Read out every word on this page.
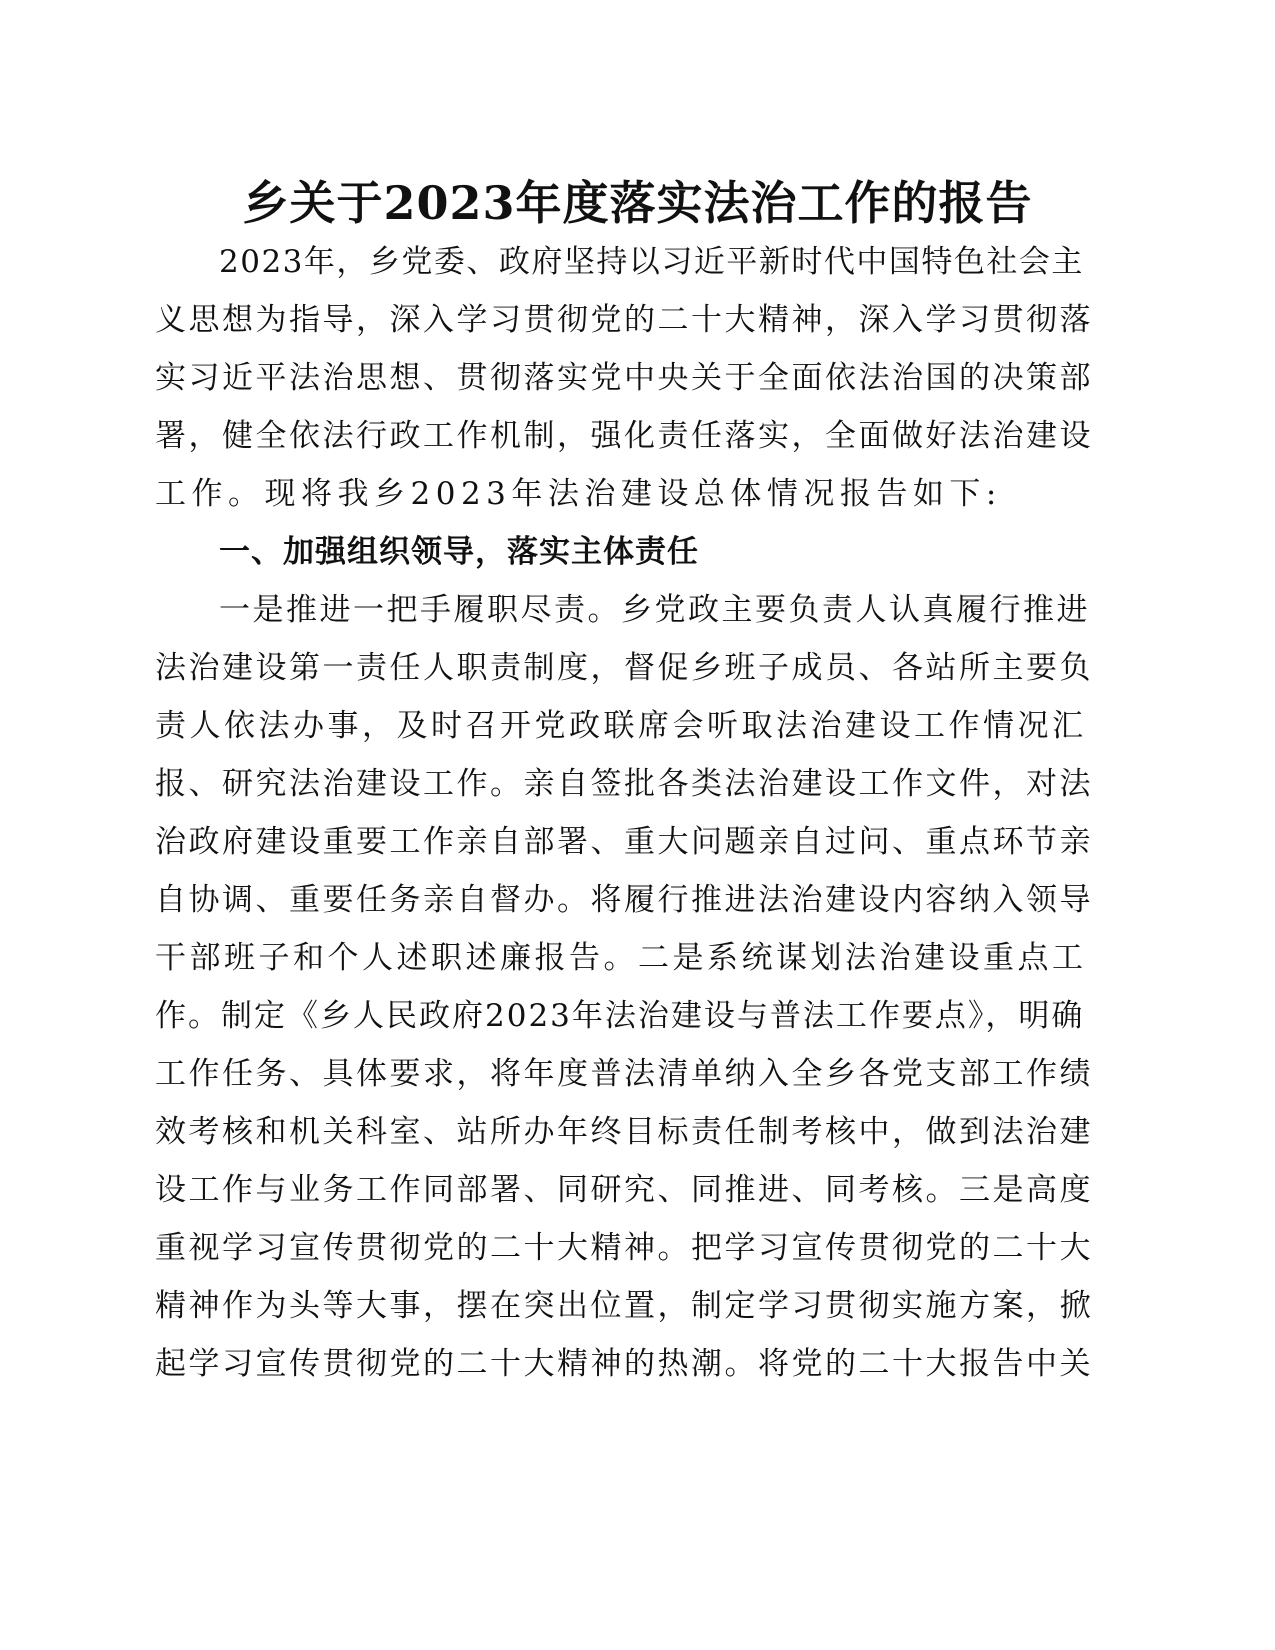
乡关于2023年度落实法治工作的报告
2023年，乡党委、政府坚持以习近平新时代中国特色社会主
义思想为指导，深入学习贯彻党的二十大精神，深入学习贯彻落
实习近平法治思想、贯彻落实党中央关于全面依法治国的决策部
署，健全依法行政工作机制，强化责任落实，全面做好法治建设
工作。现将我乡2023年法治建设总体情况报告如下:
一、加强组织领导，落实主体责任
一是推进一把手履职尽责。乡党政主要负责人认真履行推进
法治建设第一责任人职责制度，督促乡班子成员、各站所主要负
责人依法办事，及时召开党政联席会听取法治建设工作情况汇
报、研究法治建设工作。亲自签批各类法治建设工作文件，对法
治政府建设重要工作亲自部署、重大问题亲自过问、重点环节亲
自协调、重要任务亲自督办。将履行推进法治建设内容纳入领导
干部班子和个人述职述廉报告。二是系统谋划法治建设重点工
作。制定《乡人民政府2023年法治建设与普法工作要点》，明确
工作任务、具体要求，将年度普法清单纳入全乡各党支部工作绩
效考核和机关科室、站所办年终目标责任制考核中，做到法治建
设工作与业务工作同部署、同研究、同推进、同考核。三是高度
重视学习宣传贯彻党的二十大精神。把学习宣传贯彻党的二十大
精神作为头等大事，摆在突出位置，制定学习贯彻实施方案，掀
起学习宣传贯彻党的二十大精神的热潮。将党的二十大报告中关
